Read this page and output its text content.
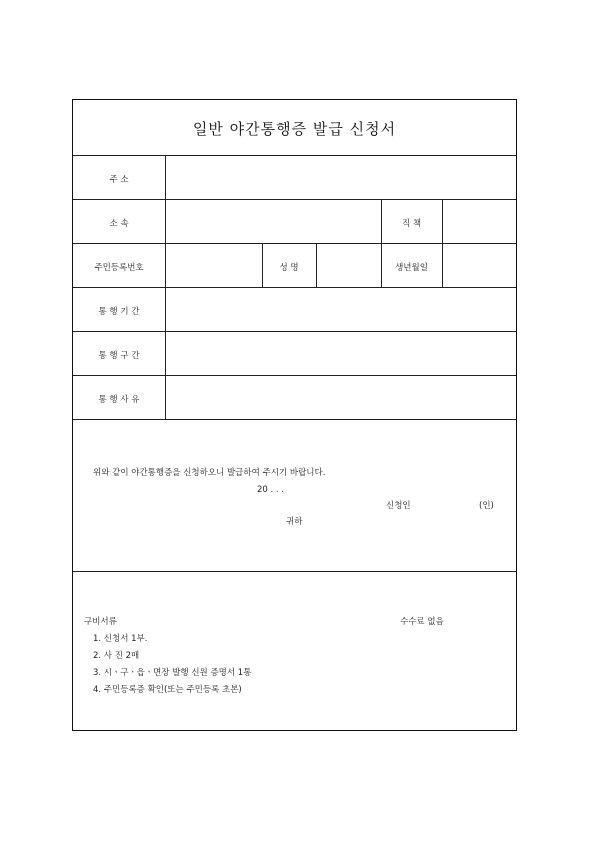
일반 야간통행증 발급 신청서
주 소
소 속	직 책
주민등록번호	성 명	생년월일
통 행 기 간
통 행 구 간
통 행 사 유
위와 같이 야간통행증을 신청하오니 발급하여 주시기 바랍니다.
20 . . .
신청인	(인)
귀하
구비서류	수수료 없음
1. 신청서 1부.
2. 사 진 2매
3. 시ㆍ구ㆍ읍ㆍ면장 발행 신원 증명서 1통
4. 주민등록증 확인(또는 주민등록 초본)
